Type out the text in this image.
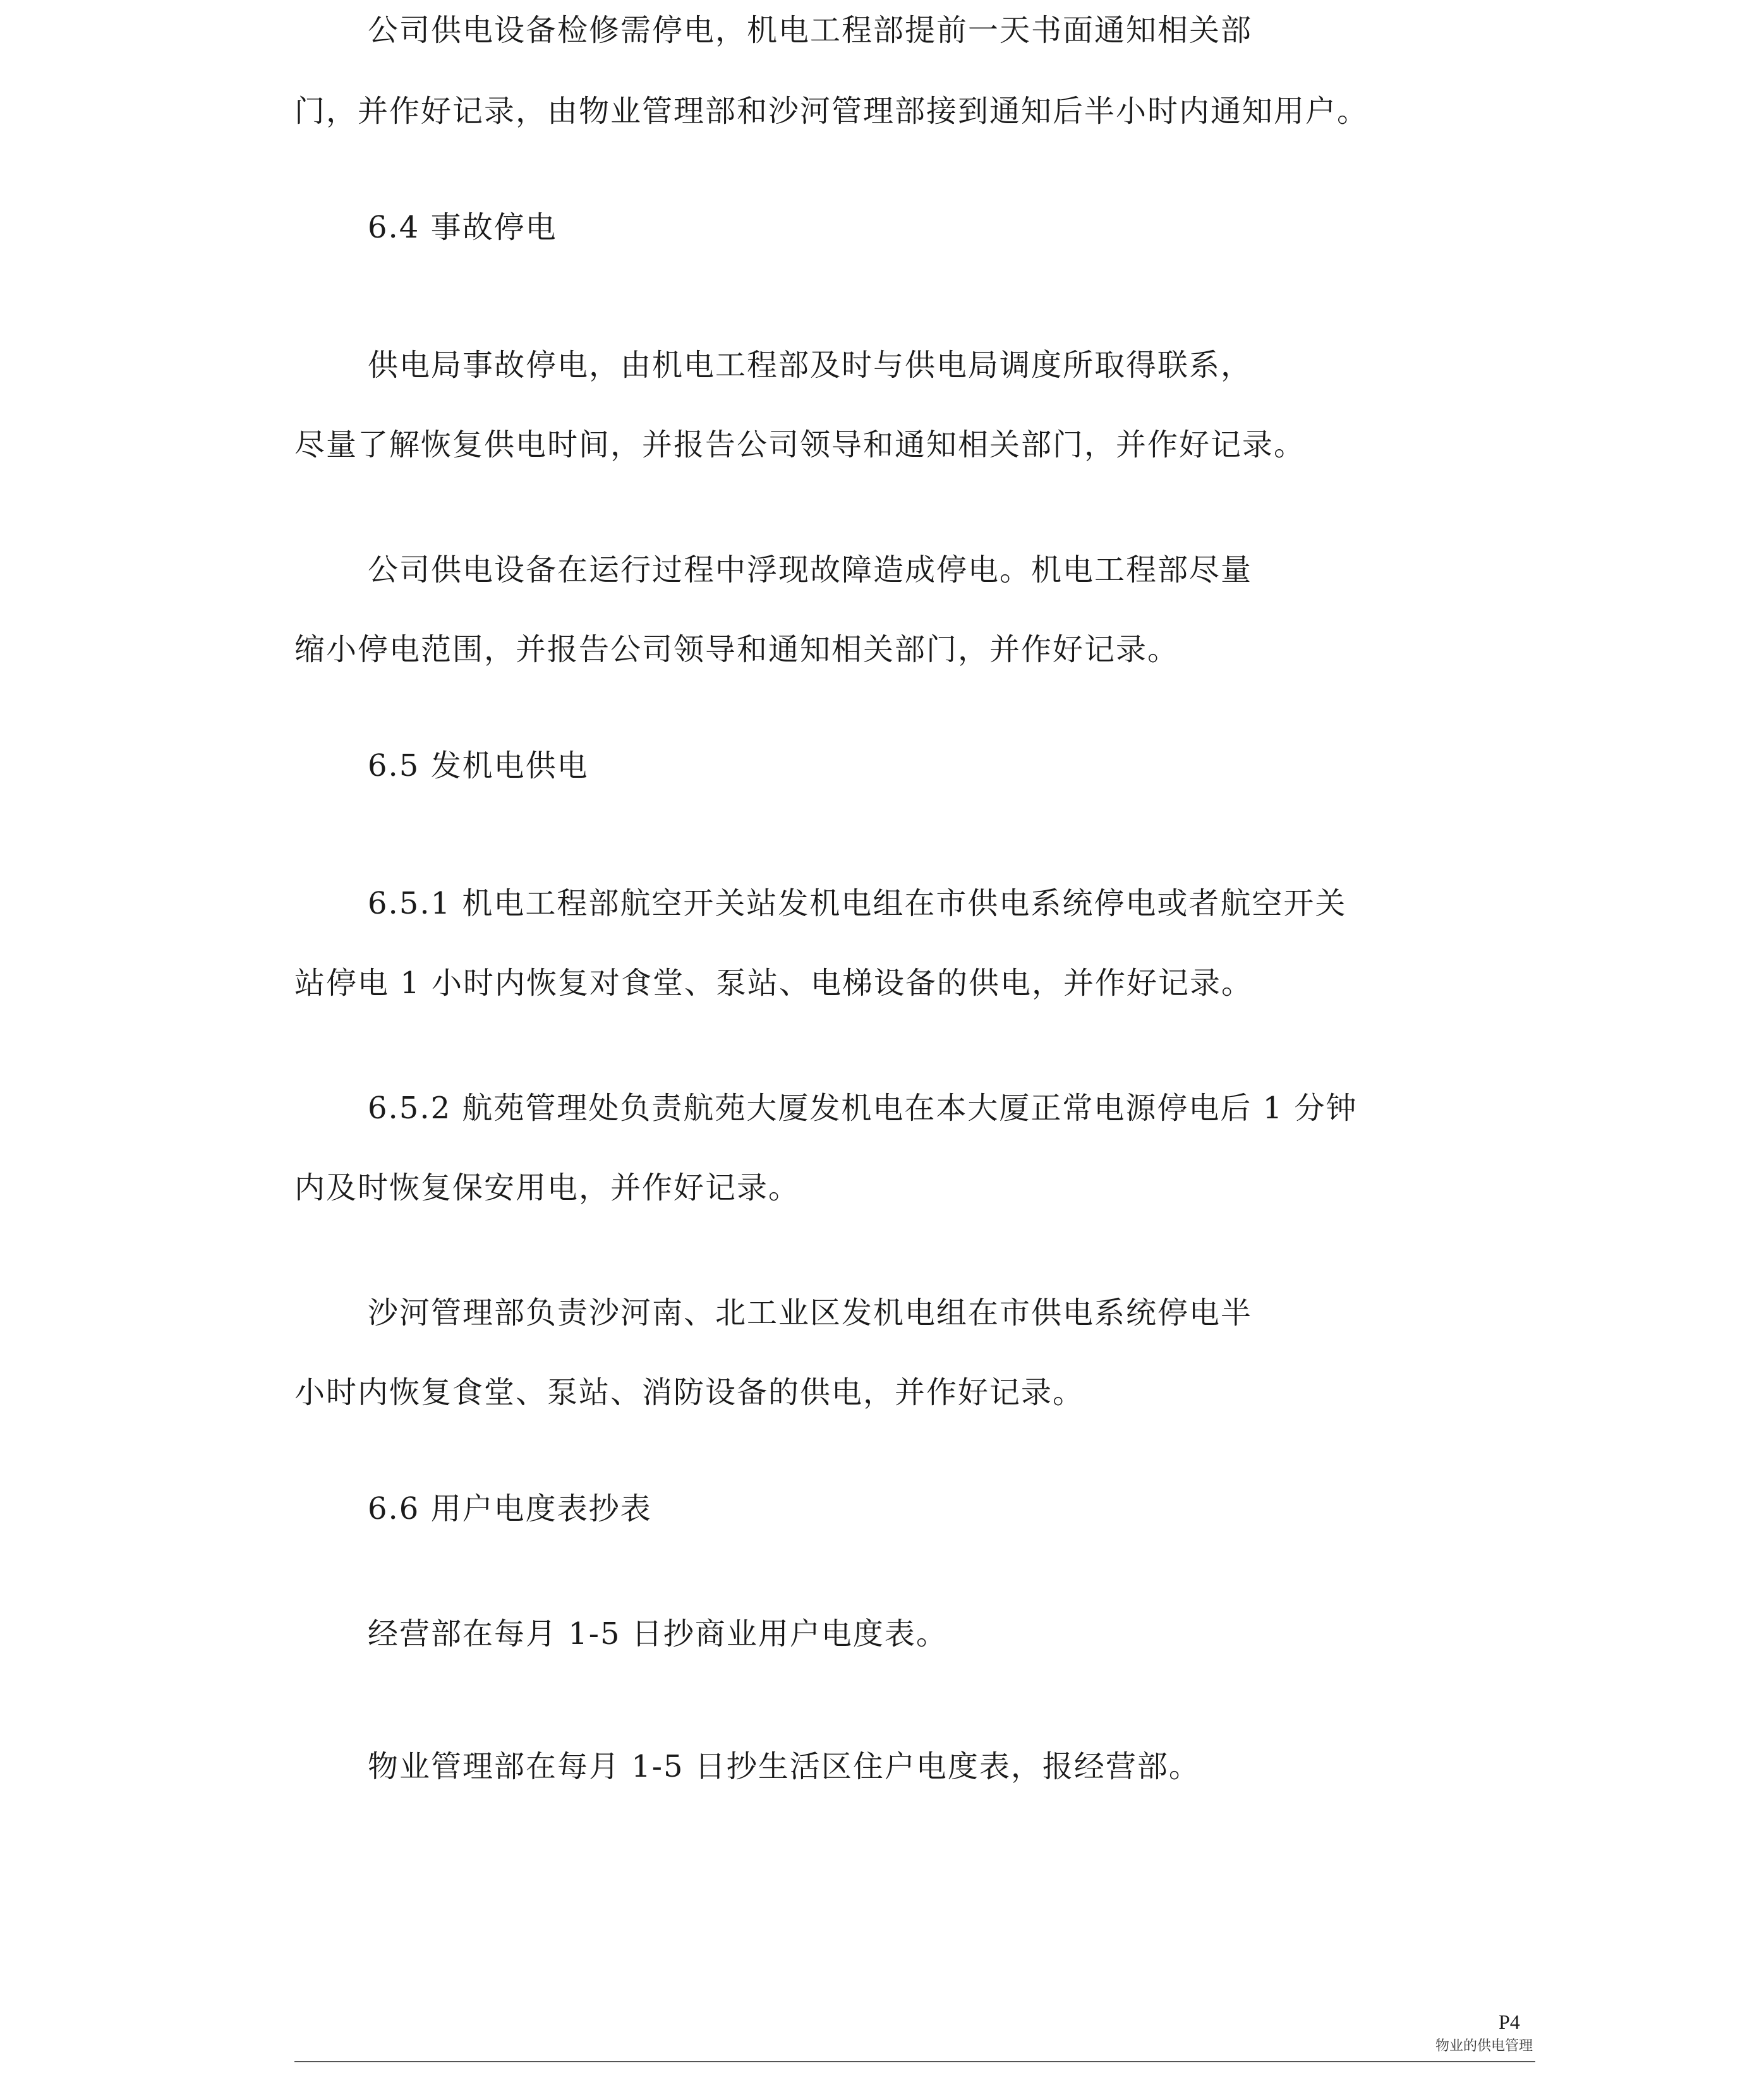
公司供电设备检修需停电，机电工程部提前一天书面通知相关部
门，并作好记录，由物业管理部和沙河管理部接到通知后半小时内通知用户。
6.4 事故停电
供电局事故停电，由机电工程部及时与供电局调度所取得联系，
尽量了解恢复供电时间，并报告公司领导和通知相关部门，并作好记录。
公司供电设备在运行过程中浮现故障造成停电。机电工程部尽量
缩小停电范围，并报告公司领导和通知相关部门，并作好记录。
6.5 发机电供电
6.5.1 机电工程部航空开关站发机电组在市供电系统停电或者航空开关
站停电 1 小时内恢复对食堂、泵站、电梯设备的供电，并作好记录。
6.5.2 航苑管理处负责航苑大厦发机电在本大厦正常电源停电后 1 分钟
内及时恢复保安用电，并作好记录。
沙河管理部负责沙河南、北工业区发机电组在市供电系统停电半
小时内恢复食堂、泵站、消防设备的供电，并作好记录。
6.6 用户电度表抄表
经营部在每月 1-5 日抄商业用户电度表。
物业管理部在每月 1-5 日抄生活区住户电度表，报经营部。
P4
物业的供电管理
